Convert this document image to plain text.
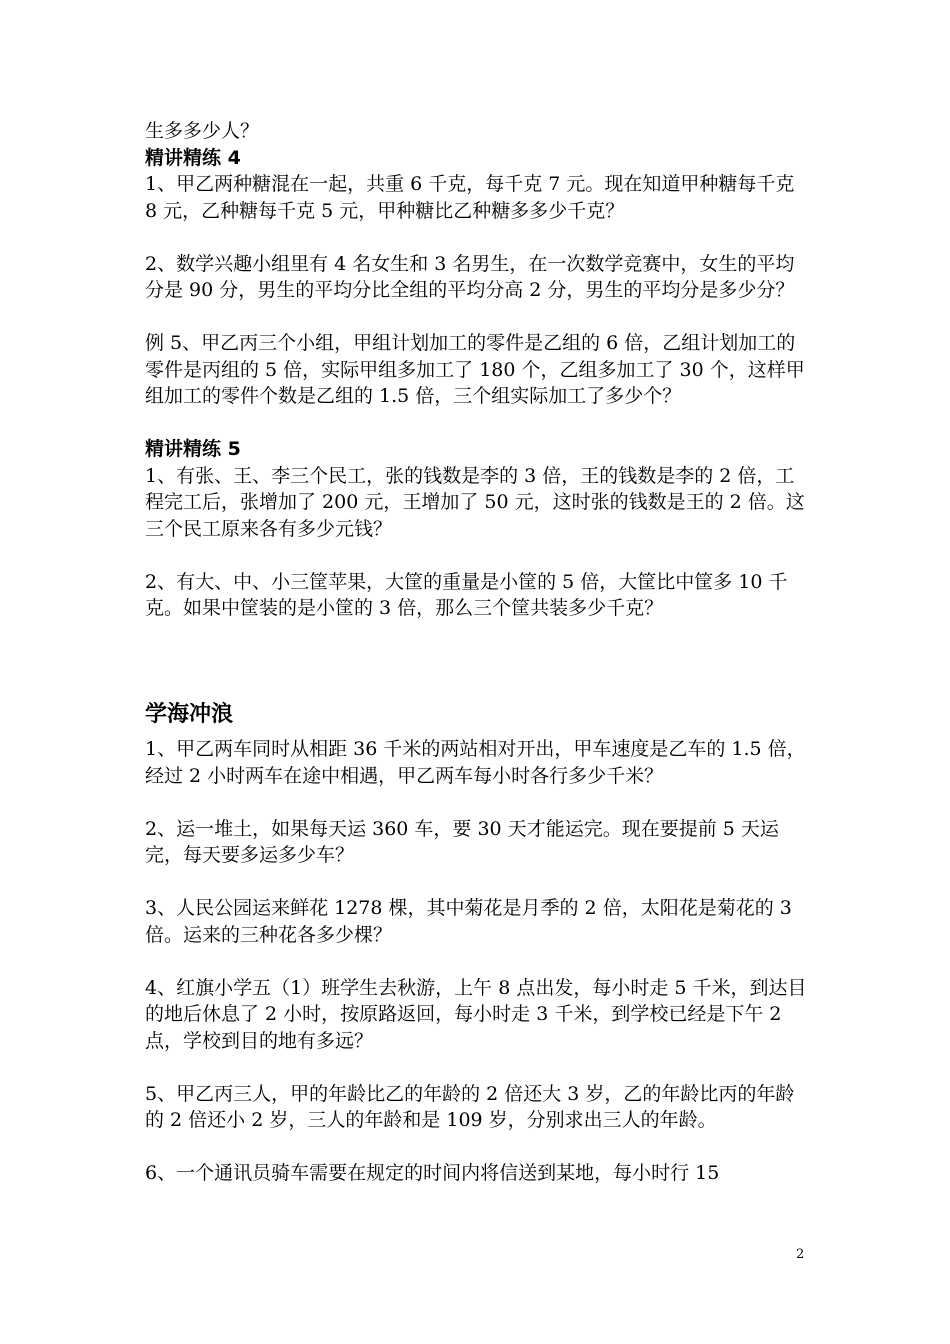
生多多少人？

精讲精练 4

1、甲乙两种糖混在一起，共重 6 千克，每千克 7 元。现在知道甲种糖每千克 8 元，乙种糖每千克 5 元，甲种糖比乙种糖多多少千克？

2、数学兴趣小组里有 4 名女生和 3 名男生，在一次数学竞赛中，女生的平均分是 90 分，男生的平均分比全组的平均分高 2 分，男生的平均分是多少分？

例 5、甲乙丙三个小组，甲组计划加工的零件是乙组的 6 倍，乙组计划加工的零件是丙组的 5 倍，实际甲组多加工了 180 个，乙组多加工了 30 个，这样甲组加工的零件个数是乙组的 1.5 倍，三个组实际加工了多少个？

精讲精练 5

1、有张、王、李三个民工，张的钱数是李的 3 倍，王的钱数是李的 2 倍，工程完工后，张增加了 200 元，王增加了 50 元，这时张的钱数是王的 2 倍。这三个民工原来各有多少元钱？

2、有大、中、小三筐苹果，大筐的重量是小筐的 5 倍，大筐比中筐多 10 千克。如果中筐装的是小筐的 3 倍，那么三个筐共装多少千克？

学海冲浪

1、甲乙两车同时从相距 36 千米的两站相对开出，甲车速度是乙车的 1.5 倍，经过 2 小时两车在途中相遇，甲乙两车每小时各行多少千米？

2、运一堆土，如果每天运 360 车，要 30 天才能运完。现在要提前 5 天运完，每天要多运多少车？

3、人民公园运来鲜花 1278 棵，其中菊花是月季的 2 倍，太阳花是菊花的 3 倍。运来的三种花各多少棵？

4、红旗小学五（1）班学生去秋游，上午 8 点出发，每小时走 5 千米，到达目的地后休息了 2 小时，按原路返回，每小时走 3 千米，到学校已经是下午 2 点，学校到目的地有多远？

5、甲乙丙三人，甲的年龄比乙的年龄的 2 倍还大 3 岁，乙的年龄比丙的年龄的 2 倍还小 2 岁，三人的年龄和是 109 岁，分别求出三人的年龄。

6、一个通讯员骑车需要在规定的时间内将信送到某地，每小时行 15

2
